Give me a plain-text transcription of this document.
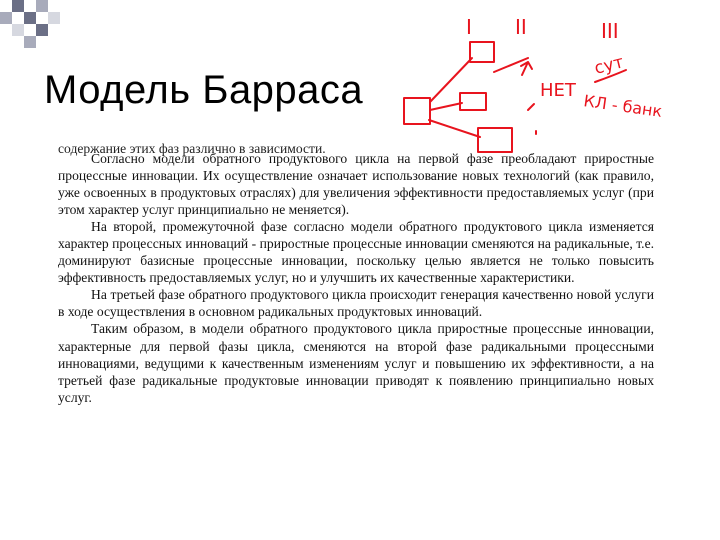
Модель Барраса
содержание этих фаз различно в зависимости.

Согласно модели обратного продуктового цикла на первой фазе преобладают приростные процессные инновации. Их осуществление означает использование новых технологий (как правило, уже освоенных в продуктовых отраслях) для увеличения эффективности предоставляемых услуг (при этом характер услуг принципиально не меняется).

На второй, промежуточной фазе согласно модели обратного продуктового цикла изменяется характер процессных инноваций - приростные процессные инновации сменяются на радикальные, т.е. доминируют базисные процессные инновации, поскольку целью является не только повысить эффективность предоставляемых услуг, но и улучшить их качественные характеристики.

На третьей фазе обратного продуктового цикла происходит генерация качественно новой услуги в ходе осуществления в основном радикальных продуктовых инноваций.

Таким образом, в модели обратного продуктового цикла приростные процессные инновации, характерные для первой фазы цикла, сменяются на второй фазе радикальными процессными инновациями, ведущими к качественным изменениям услуг и повышению их эффективности, а на третьей фазе радикальные продуктовые инновации приводят к появлению принципиально новых услуг.

I II	III
НЕТ
сут
КЛ - банк
